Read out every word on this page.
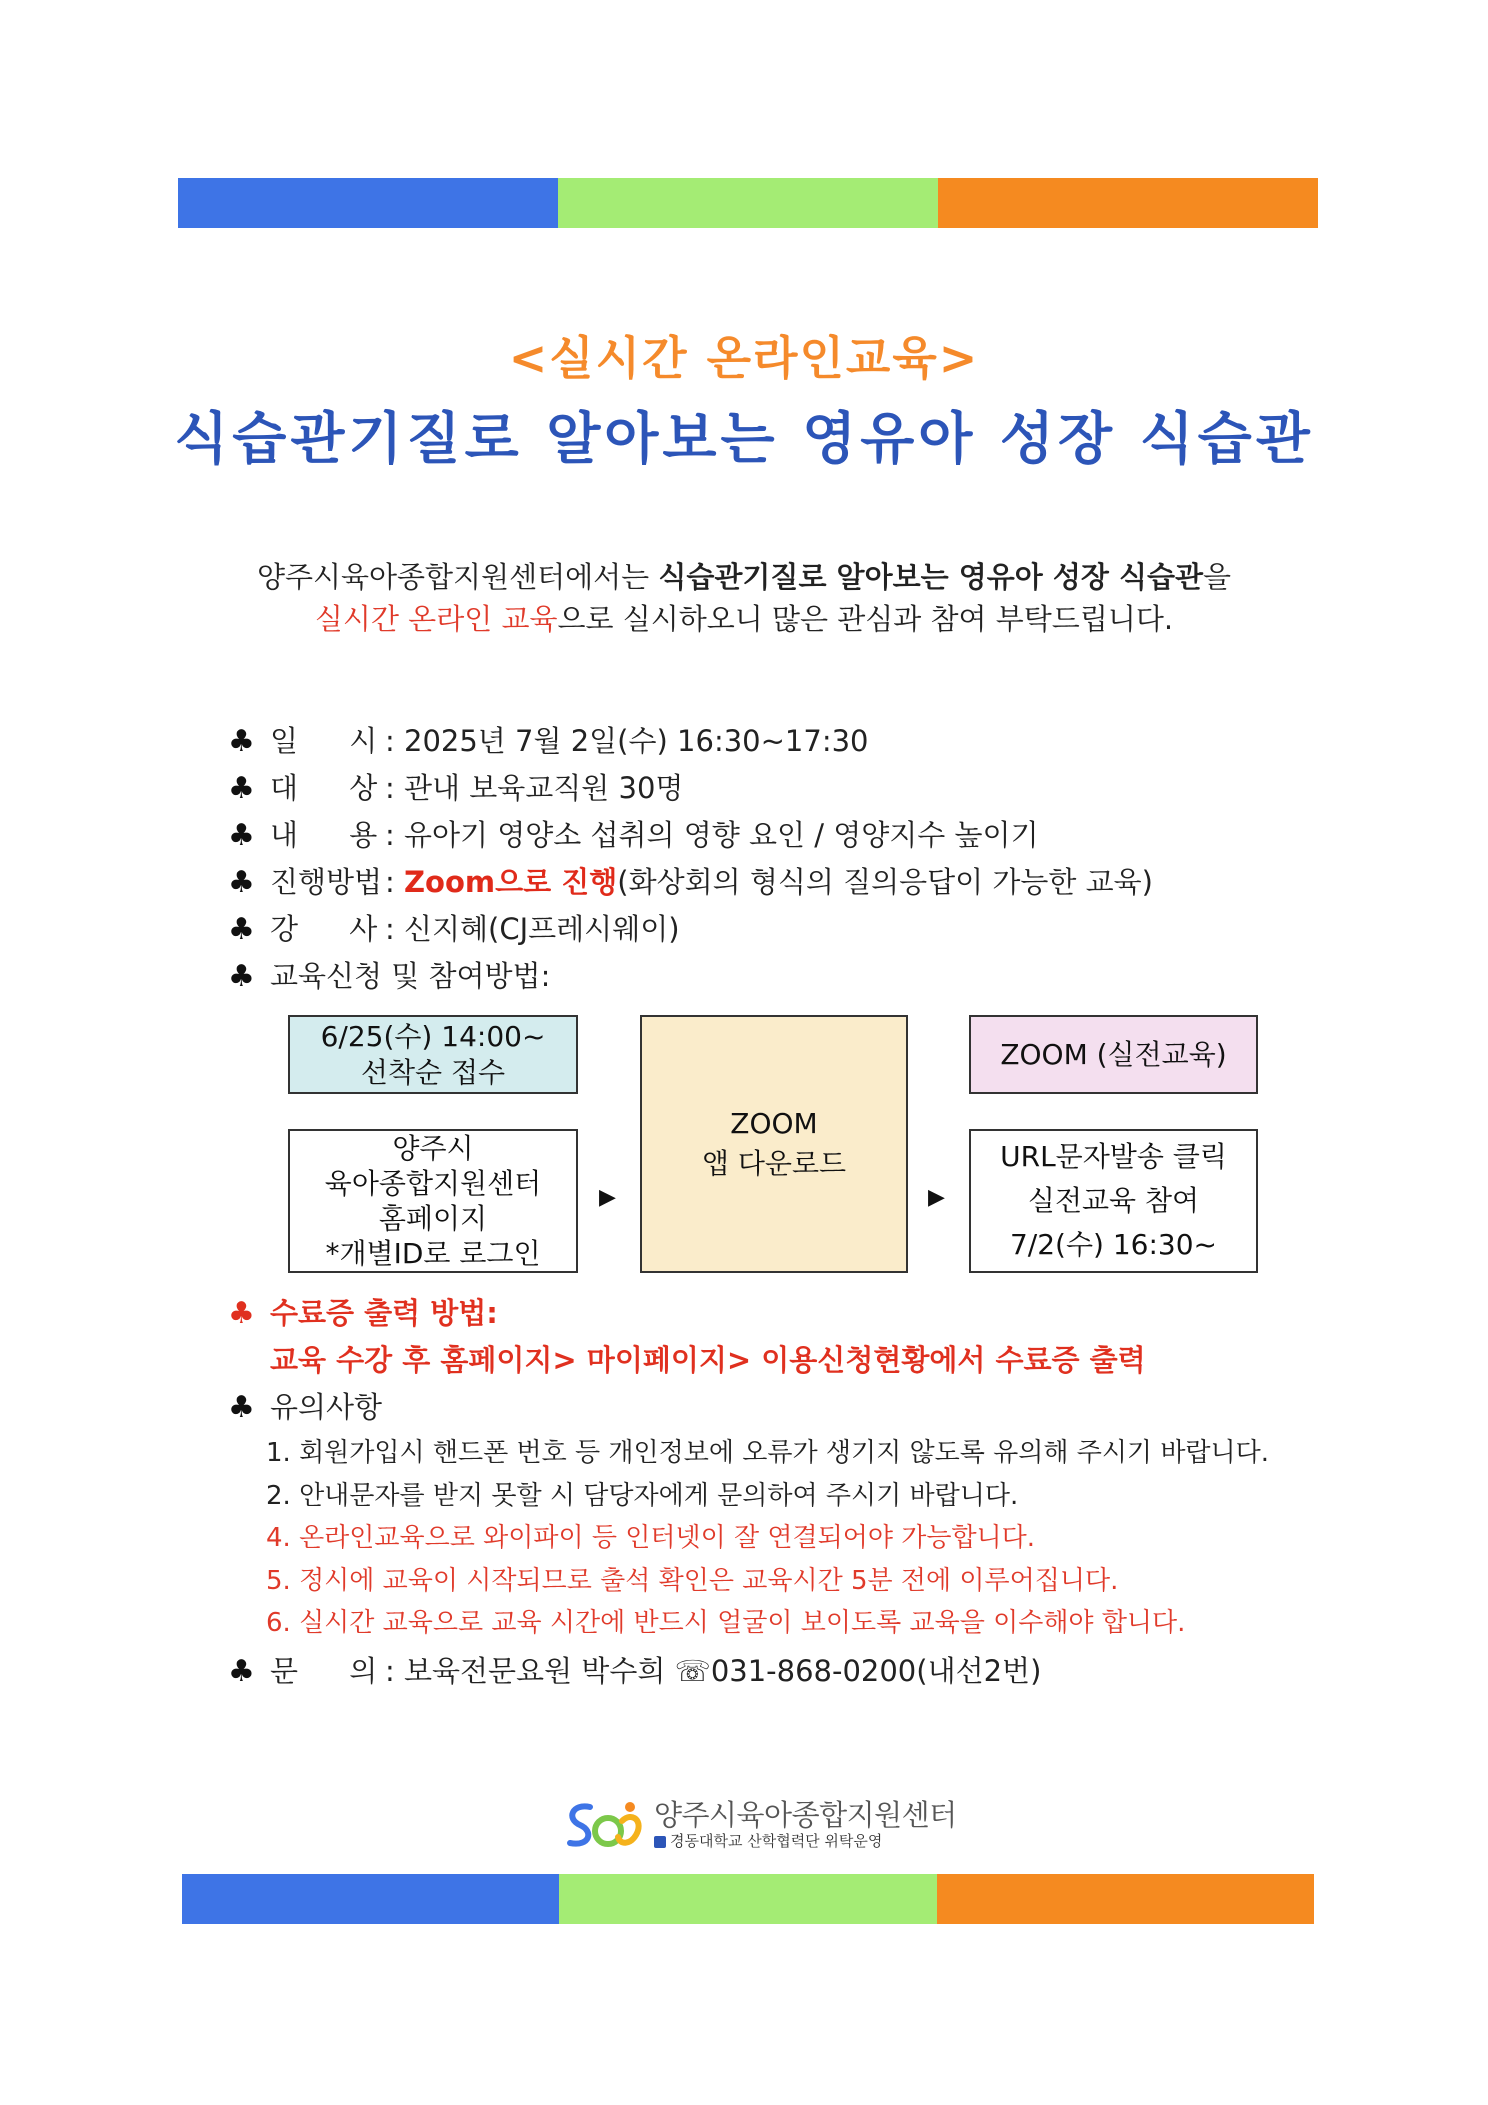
<실시간 온라인교육>
식습관기질로 알아보는 영유아 성장 식습관
양주시육아종합지원센터에서는 식습관기질로 알아보는 영유아 성장 식습관을
실시간 온라인 교육으로 실시하오니 많은 관심과 참여 부탁드립니다.
♣ 일 시 : 2025년 7월 2일(수) 16:30~17:30
♣ 대 상 : 관내 보육교직원 30명
♣ 내 용 : 유아기 영양소 섭취의 영향 요인 / 영양지수 높이기
♣ 진행방법 : Zoom으로 진행(화상회의 형식의 질의응답이 가능한 교육)
♣ 강 사 : 신지혜(CJ프레시웨이)
♣ 교육신청 및 참여방법:
6/25(수) 14:00~
선착순 접수
양주시
육아종합지원센터
홈페이지
*개별ID로 로그인
▶
ZOOM
앱 다운로드
▶
ZOOM (실전교육)
URL문자발송 클릭
실전교육 참여
7/2(수) 16:30~
♣ 수료증 출력 방법:
교육 수강 후 홈페이지> 마이페이지> 이용신청현황에서 수료증 출력
♣ 유의사항
1. 회원가입시 핸드폰 번호 등 개인정보에 오류가 생기지 않도록 유의해 주시기 바랍니다.
2. 안내문자를 받지 못할 시 담당자에게 문의하여 주시기 바랍니다.
4. 온라인교육으로 와이파이 등 인터넷이 잘 연결되어야 가능합니다.
5. 정시에 교육이 시작되므로 출석 확인은 교육시간 5분 전에 이루어집니다.
6. 실시간 교육으로 교육 시간에 반드시 얼굴이 보이도록 교육을 이수해야 합니다.
♣ 문 의 : 보육전문요원 박수희 ☏031-868-0200(내선2번)
양주시육아종합지원센터
경동대학교 산학협력단 위탁운영
